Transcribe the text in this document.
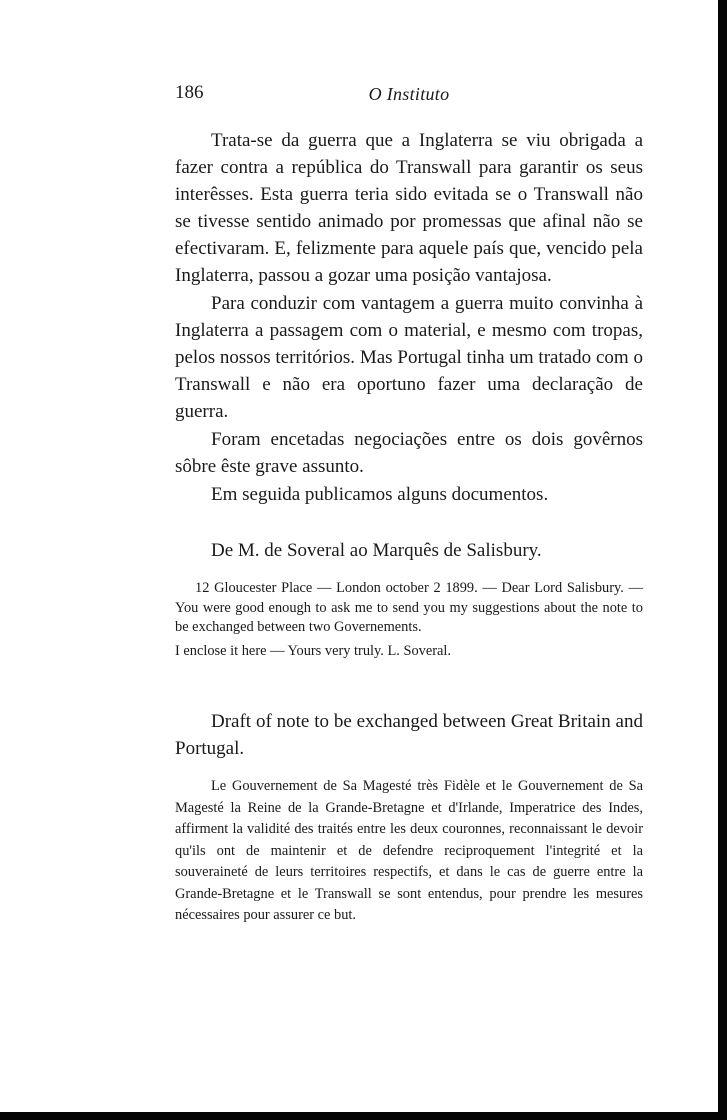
186	O Instituto

Trata-se da guerra que a Inglaterra se viu obrigada a fazer contra a república do Transwall para garantir os seus interêsses. Esta guerra teria sido evitada se o Transwall não se tivesse sentido animado por promessas que afinal não se efectivaram. E, felizmente para aquele país que, vencido pela Inglaterra, passou a gozar uma posição vantajosa.

Para conduzir com vantagem a guerra muito convinha à Inglaterra a passagem com o material, e mesmo com tropas, pelos nossos territórios. Mas Portugal tinha um tratado com o Transwall e não era oportuno fazer uma declaração de guerra.

Foram encetadas negociações entre os dois govêrnos sôbre êste grave assunto.

Em seguida publicamos alguns documentos.

De M. de Soveral ao Marquês de Salisbury.

12 Gloucester Place — London october 2 1899. — Dear Lord Salisbury. — You were good enough to ask me to send you my suggestions about the note to be exchanged between two Governements.

I enclose it here — Yours very truly. L. Soveral.

Draft of note to be exchanged between Great Britain and Portugal.

Le Gouvernement de Sa Magesté très Fidèle et le Gouvernement de Sa Magesté la Reine de la Grande-Bretagne et d'Irlande, Imperatrice des Indes, affirment la validité des traités entre les deux couronnes, reconnaissant le devoir qu'ils ont de maintenir et de defendre reciproquement l'integrité et la souveraineté de leurs territoires respectifs, et dans le cas de guerre entre la Grande-Bretagne et le Transwall se sont entendus, pour prendre les mesures nécessaires pour assurer ce but.
